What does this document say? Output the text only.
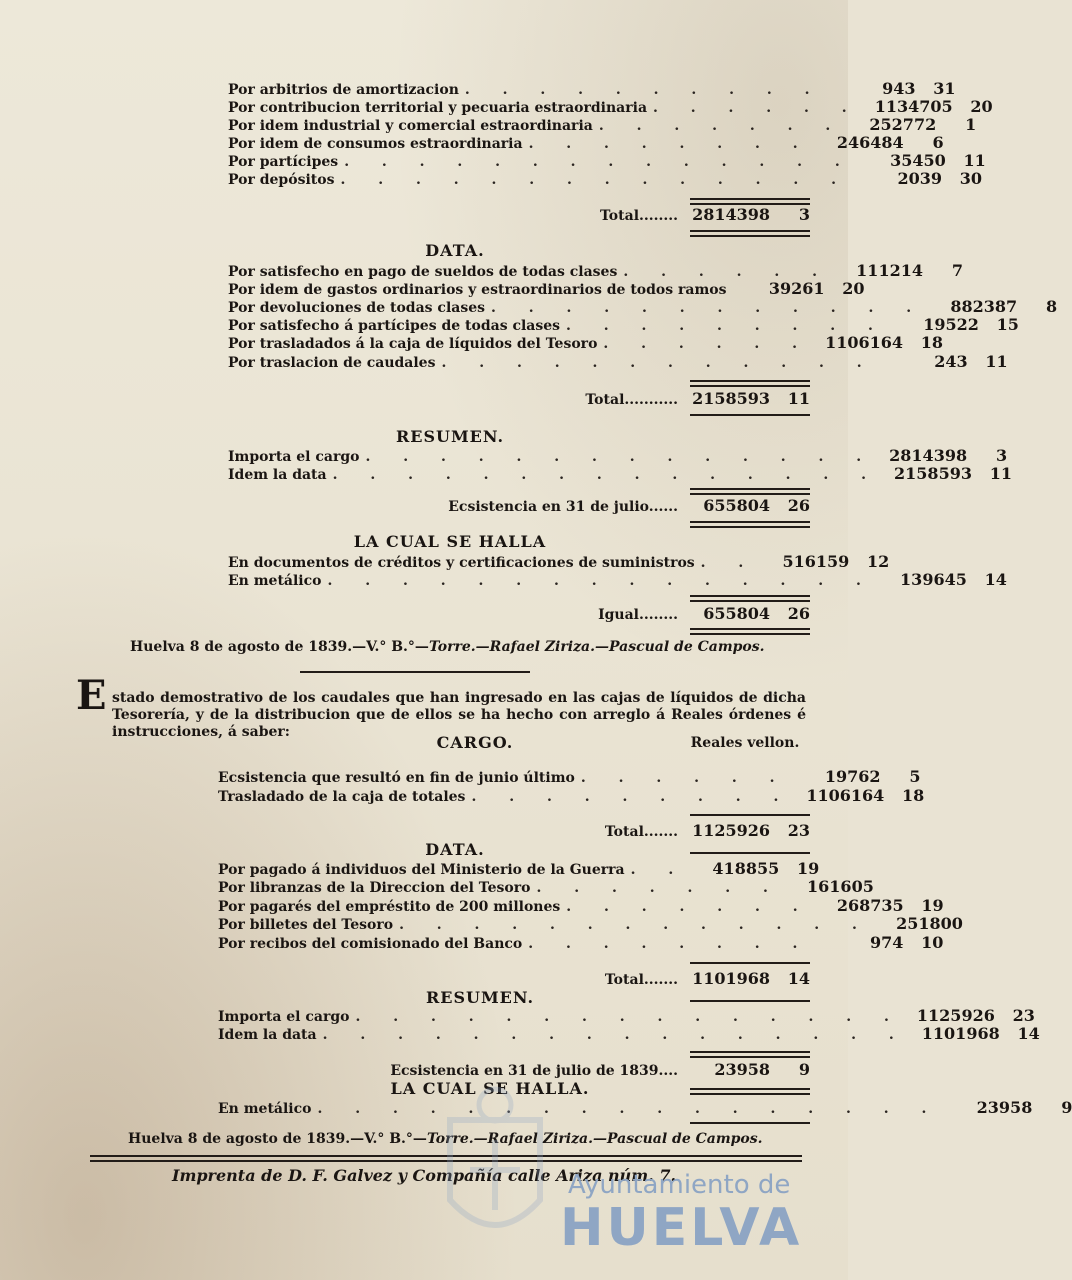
Por arbitrios de amortizacion . . . . . . . . . .	943	31
Por contribucion territorial y pecuaria estraordinaria . . . . . . 1134705	20
Por idem industrial y comercial estraordinaria . . . . . . .	252772	1
Por idem de consumos estraordinaria . . . . . . . .	246484	6
Por partícipes . . . . . . . . . . . . . .	35450	11
Por depósitos . . . . . . . . . . . . . .	2039	30
Total........ 2814398	3
DATA.
Por satisfecho en pago de sueldos de todas clases . . . . . .	111214	7
Por idem de gastos ordinarios y estraordinarios de todos ramos	39261	20
Por devoluciones de todas clases . . . . . . . . . . . .	882387	8
Por satisfecho á partícipes de todas clases . . . . . . . . .	19522	15
Por trasladados á la caja de líquidos del Tesoro . . . . . . 1106164	18
Por traslacion de caudales . . . . . . . . . . . .	243	11
Total........... 2158593	11
RESUMEN.
Importa el cargo . . . . . . . . . . . . . . 2814398	3
Idem la data . . . . . . . . . . . . . . . 2158593	11
Ecsistencia en 31 de julio......	655804	26
LA CUAL SE HALLA
En documentos de créditos y certificaciones de suministros . .	516159	12
En metálico . . . . . . . . . . . . . . .	139645	14
Igual........	655804	26
Huelva 8 de agosto de 1839.—V.° B.°—Torre.—Rafael Ziriza.—Pascual de Campos.
E stado demostrativo de los caudales que han ingresado en las cajas de líquidos de dicha Tesorería, y de la distribucion que de ellos se ha hecho con arreglo á Reales órdenes é instrucciones, á saber:
CARGO.	Reales vellon.
Ecsistencia que resultó en fin de junio último . . . . . .	19762	5
Trasladado de la caja de totales . . . . . . . . . 1106164	18
Total....... 1125926	23
DATA.
Por pagado á individuos del Ministerio de la Guerra . .	418855	19
Por libranzas de la Direccion del Tesoro . . . . . . .	161605
Por pagarés del empréstito de 200 millones . . . . . . .	268735	19
Por billetes del Tesoro . . . . . . . . . . . . .	251800
Por recibos del comisionado del Banco . . . . . . . .	974	10
Total....... 1101968	14
RESUMEN.
Importa el cargo . . . . . . . . . . . . . . . 1125926	23
Idem la data . . . . . . . . . . . . . . . . 1101968	14
Ecsistencia en 31 de julio de 1839....	23958	9
LA CUAL SE HALLA.
En metálico . . . . . . . . . . . . . . . . .	23958	9
Huelva 8 de agosto de 1839.—V.° B.°—Torre.—Rafael Ziriza.—Pascual de Campos.
Imprenta de D. F. Galvez y Compañía calle Ariza núm. 7.
Ayuntamiento de
HUELVA
